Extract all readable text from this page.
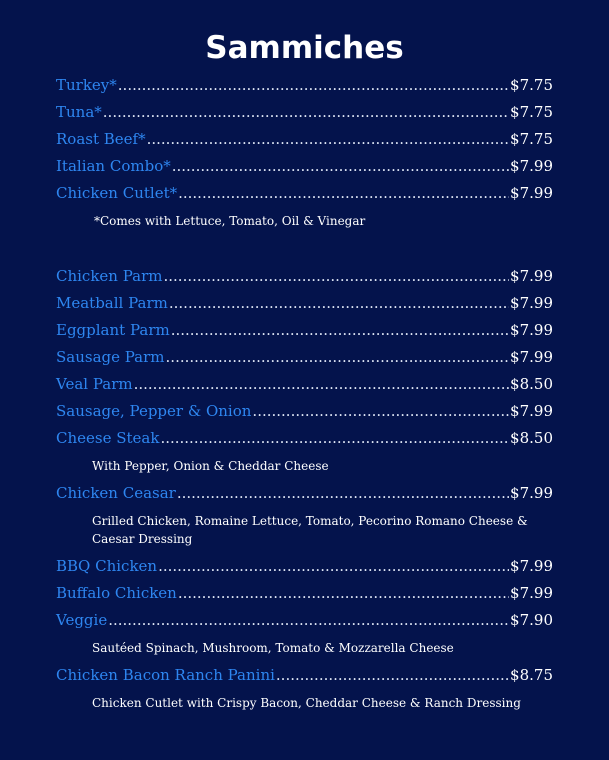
Sammiches
Turkey* .....	$7.75
Tuna* .....	$7.75
Roast Beef* .....	$7.75
Italian Combo* .....	$7.99
Chicken Cutlet* .....	$7.99
*Comes with Lettuce, Tomato, Oil & Vinegar
Chicken Parm .....	$7.99
Meatball Parm .....	$7.99
Eggplant Parm .....	$7.99
Sausage Parm .....	$7.99
Veal Parm .....	$8.50
Sausage, Pepper & Onion .....	$7.99
Cheese Steak .....	$8.50
With Pepper, Onion & Cheddar Cheese
Chicken Ceasar .....	$7.99
Grilled Chicken, Romaine Lettuce, Tomato, Pecorino Romano Cheese & Caesar Dressing
BBQ Chicken .....	$7.99
Buffalo Chicken .....	$7.99
Veggie .....	$7.90
Sautéed Spinach, Mushroom, Tomato & Mozzarella Cheese
Chicken Bacon Ranch Panini .....	$8.75
Chicken Cutlet with Crispy Bacon, Cheddar Cheese & Ranch Dressing
